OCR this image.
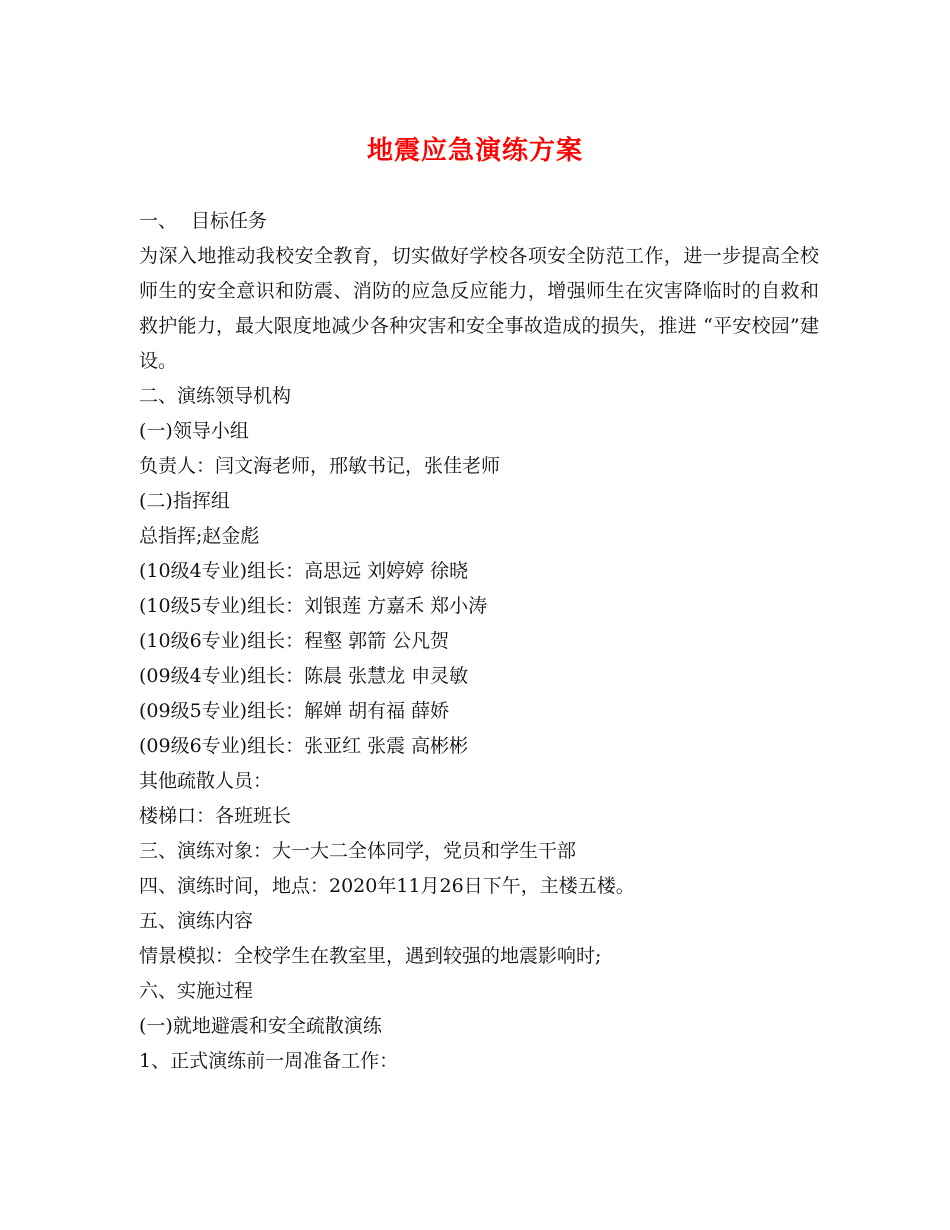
地震应急演练方案
一、 目标任务
为深入地推动我校安全教育，切实做好学校各项安全防范工作，进一步提高全校师生的安全意识和防震、消防的应急反应能力，增强师生在灾害降临时的自救和救护能力，最大限度地减少各种灾害和安全事故造成的损失，推进 “平安校园”建设。
二、演练领导机构
(一)领导小组
负责人：闫文海老师，邢敏书记，张佳老师
(二)指挥组
总指挥;赵金彪
(10级4专业)组长：高思远 刘婷婷 徐晓
(10级5专业)组长：刘银莲 方嘉禾 郑小涛
(10级6专业)组长：程壑 郭箭 公凡贺
(09级4专业)组长：陈晨 张慧龙 申灵敏
(09级5专业)组长：解婵 胡有福 薛娇
(09级6专业)组长：张亚红 张震 高彬彬
其他疏散人员：
楼梯口：各班班长
三、演练对象：大一大二全体同学，党员和学生干部
四、演练时间，地点：2020年11月26日下午，主楼五楼。
五、演练内容
情景模拟：全校学生在教室里，遇到较强的地震影响时;
六、实施过程
(一)就地避震和安全疏散演练
1、正式演练前一周准备工作：
